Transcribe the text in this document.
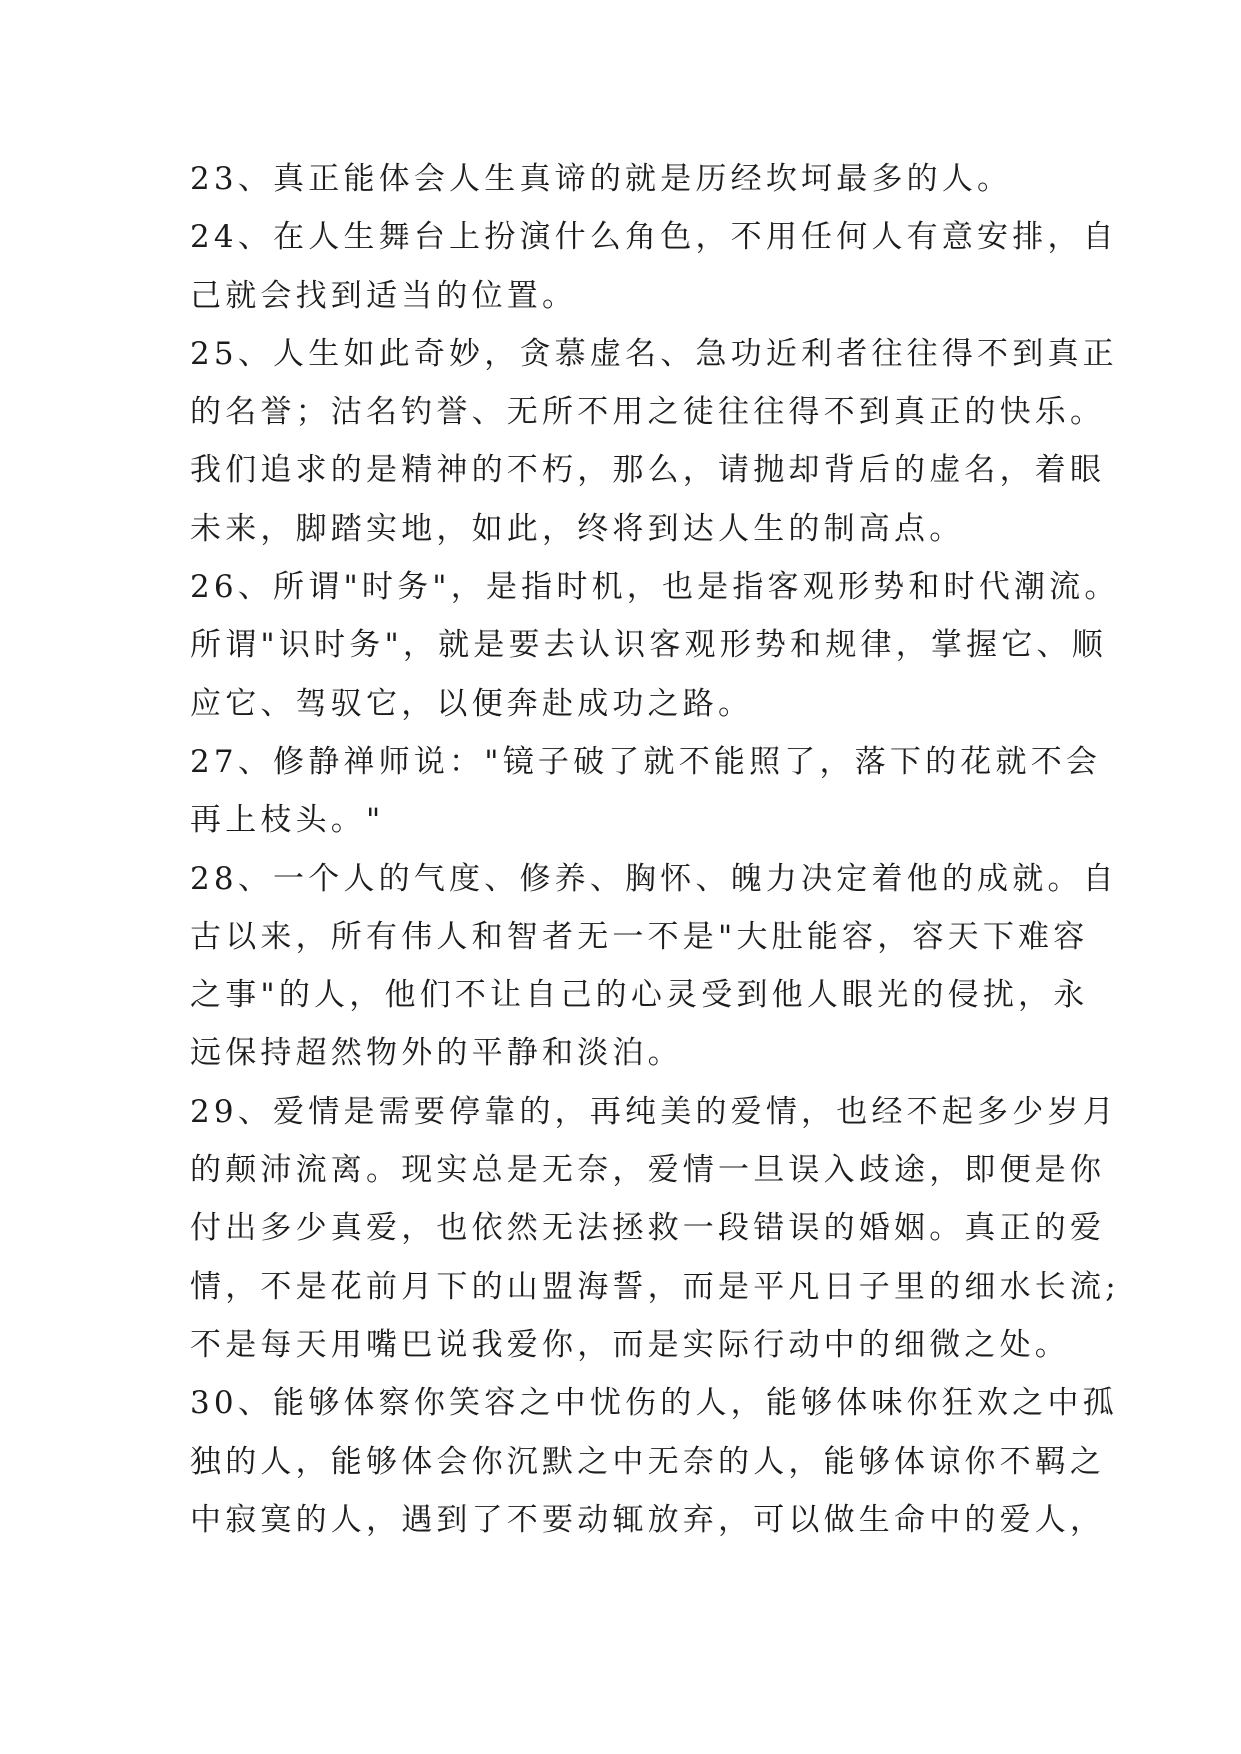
23、真正能体会人生真谛的就是历经坎坷最多的人。
24、在人生舞台上扮演什么角色，不用任何人有意安排，自
己就会找到适当的位置。
25、人生如此奇妙，贪慕虚名、急功近利者往往得不到真正
的名誉；沽名钓誉、无所不用之徒往往得不到真正的快乐。
我们追求的是精神的不朽，那么，请抛却背后的虚名，着眼
未来，脚踏实地，如此，终将到达人生的制高点。
26、所谓"时务"，是指时机，也是指客观形势和时代潮流。
所谓"识时务"，就是要去认识客观形势和规律，掌握它、顺
应它、驾驭它，以便奔赴成功之路。
27、修静禅师说："镜子破了就不能照了，落下的花就不会
再上枝头。"
28、一个人的气度、修养、胸怀、魄力决定着他的成就。自
古以来，所有伟人和智者无一不是"大肚能容，容天下难容
之事"的人，他们不让自己的心灵受到他人眼光的侵扰，永
远保持超然物外的平静和淡泊。
29、爱情是需要停靠的，再纯美的爱情，也经不起多少岁月
的颠沛流离。现实总是无奈，爱情一旦误入歧途，即便是你
付出多少真爱，也依然无法拯救一段错误的婚姻。真正的爱
情，不是花前月下的山盟海誓，而是平凡日子里的细水长流;
不是每天用嘴巴说我爱你，而是实际行动中的细微之处。
30、能够体察你笑容之中忧伤的人，能够体味你狂欢之中孤
独的人，能够体会你沉默之中无奈的人，能够体谅你不羁之
中寂寞的人，遇到了不要动辄放弃，可以做生命中的爱人，
